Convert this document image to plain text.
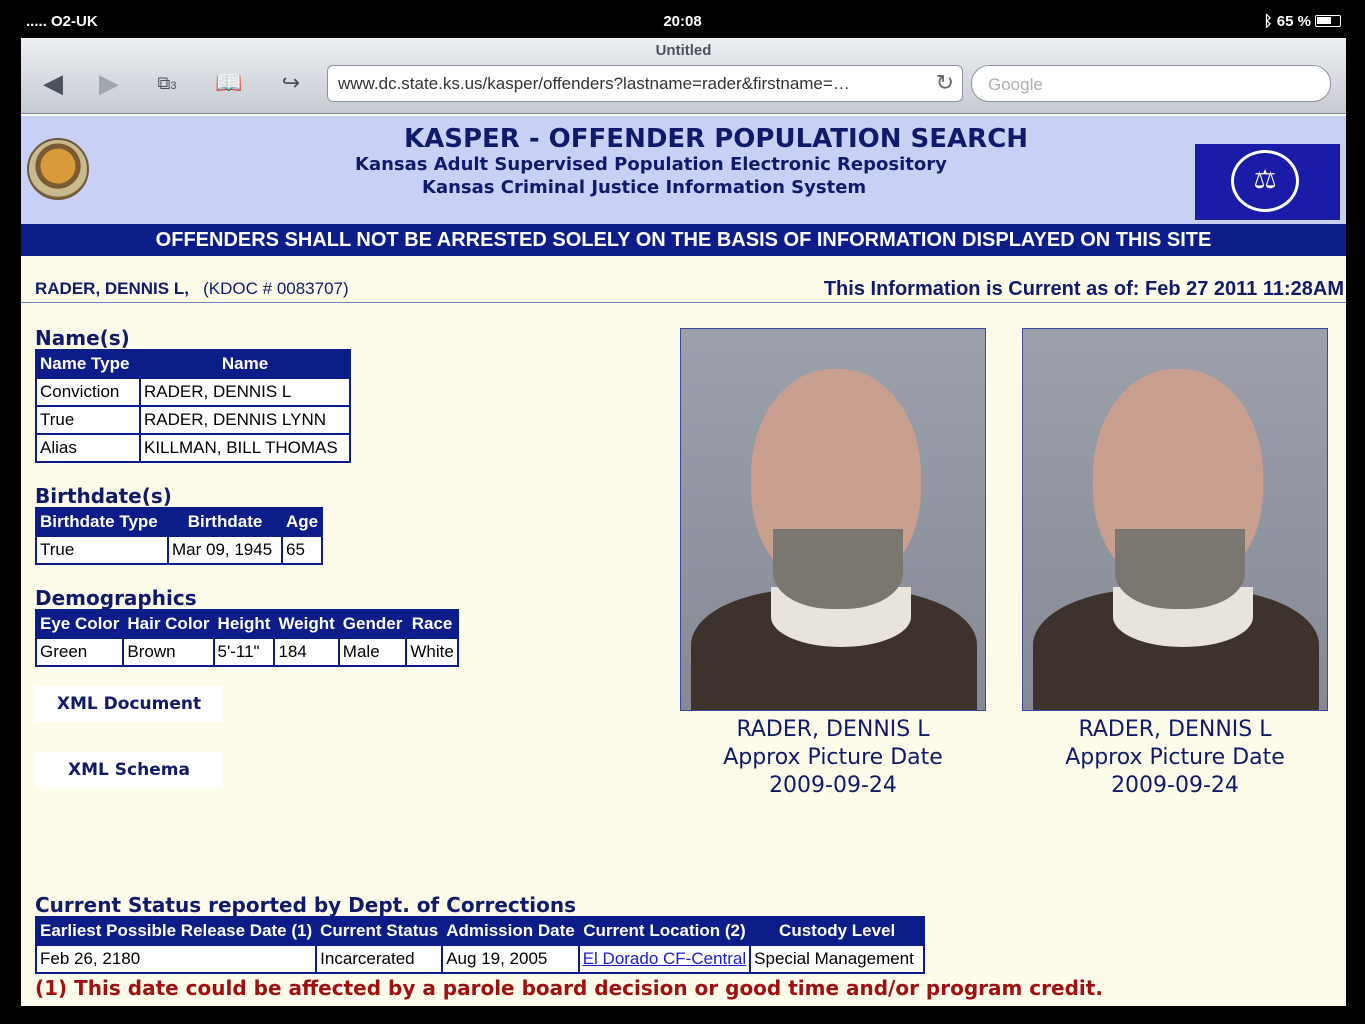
..... O2-UK	20:08	ᛒ 65 %
Untitled
◀	▶	⧉3	📖	↪	www.dc.state.ks.us/kasper/offenders?lastname=rader&firstname=…	↻	Google
KASPER - OFFENDER POPULATION SEARCH
Kansas Adult Supervised Population Electronic Repository
Kansas Criminal Justice Information System	⚖
OFFENDERS SHALL NOT BE ARRESTED SOLELY ON THE BASIS OF INFORMATION DISPLAYED ON THIS SITE
RADER, DENNIS L, (KDOC # 0083707)	This Information is Current as of: Feb 27 2011 11:28AM
Name(s)
Name Type	Name
Conviction	RADER, DENNIS L
True	RADER, DENNIS LYNN
Alias	KILLMAN, BILL THOMAS
Birthdate(s)
Birthdate Type	Birthdate	Age
True	Mar 09, 1945	65
Demographics
Eye Color	Hair Color	Height	Weight	Gender	Race
Green	Brown	5'-11"	184	Male	White
XML Document
XML Schema
RADER, DENNIS L
Approx Picture Date
2009-09-24
RADER, DENNIS L
Approx Picture Date
2009-09-24
Current Status reported by Dept. of Corrections
Earliest Possible Release Date (1)	Current Status	Admission Date	Current Location (2)	Custody Level
Feb 26, 2180	Incarcerated	Aug 19, 2005	El Dorado CF-Central	Special Management
(1) This date could be affected by a parole board decision or good time and/or program credit.
